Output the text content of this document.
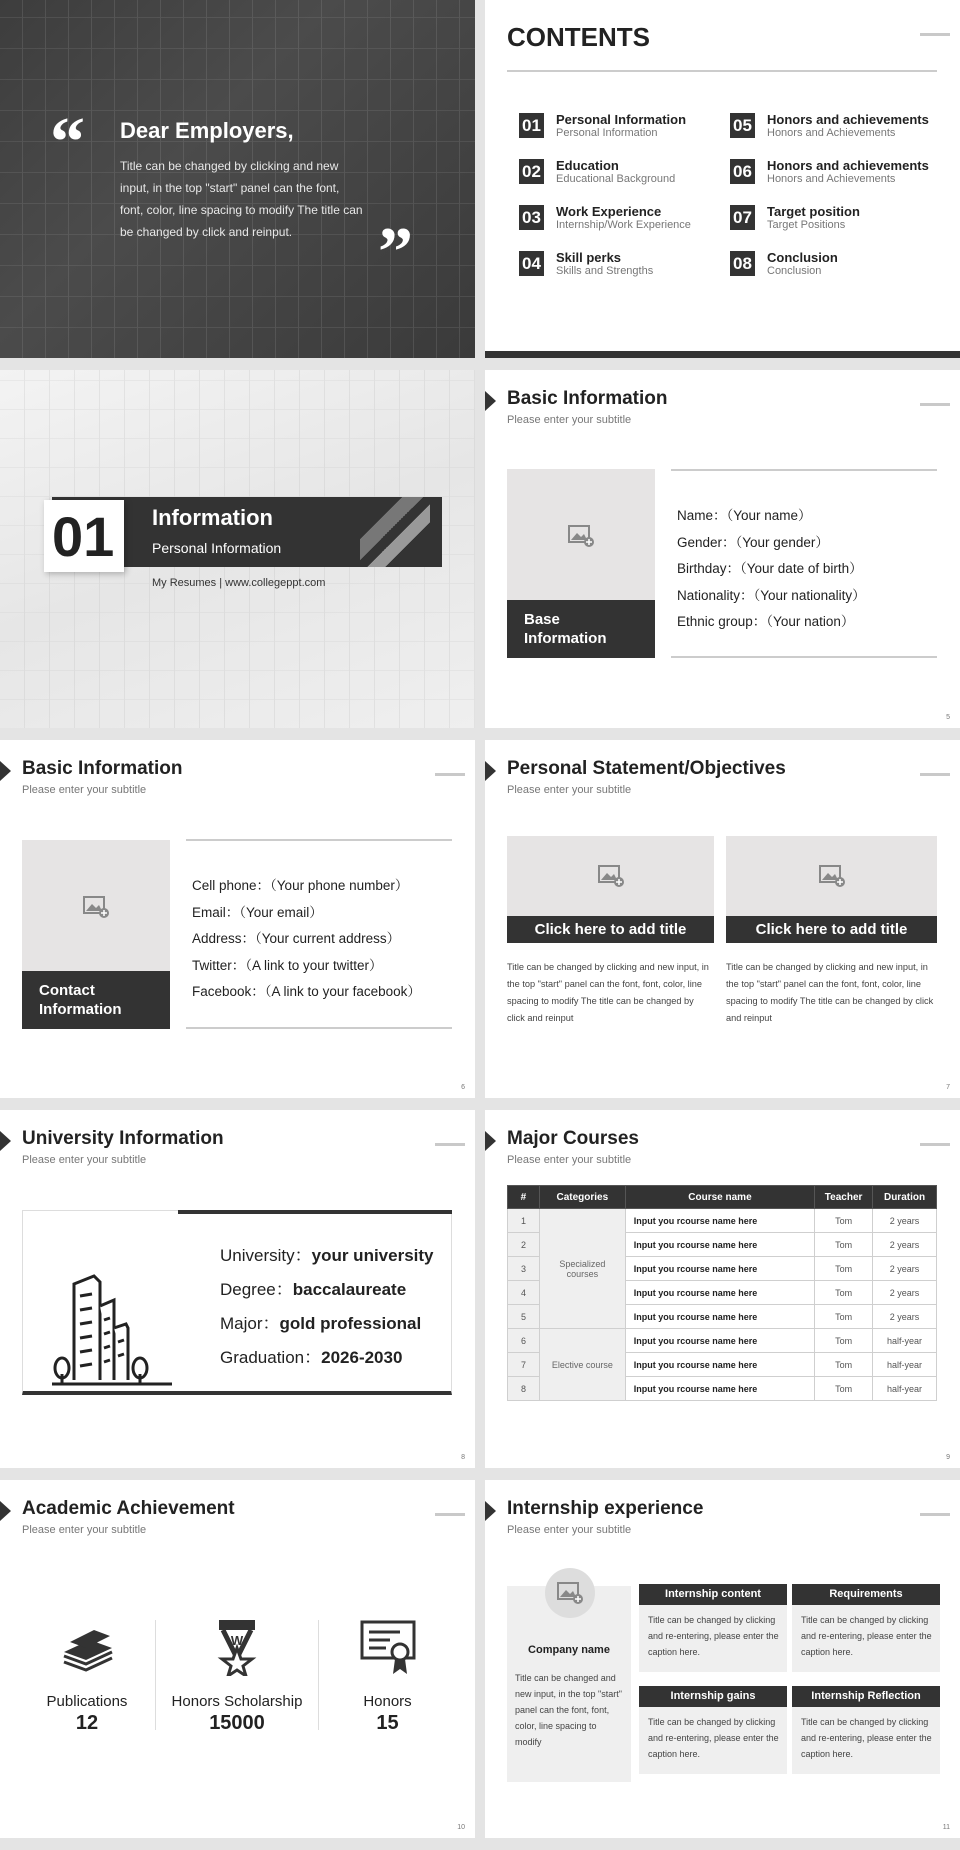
“ Dear Employers,
Title can be changed by clicking and new input, in the top "start" panel can the font, font, color, line spacing to modify The title can be changed by click and reinput.	”
CONTENTS
01 Personal Information
Personal Information
02 Education
Educational Background
03 Work Experience
Internship/Work Experience
04 Skill perks
Skills and Strengths
05 Honors and achievements
Honors and Achievements
06 Honors and achievements
Honors and Achievements
07 Target position
Target Positions
08 Conclusion
Conclusion
01 Information
Personal Information
My Resumes | www.collegeppt.com
Basic Information
Please enter your subtitle
Base Information
Name：（Your name）
Gender：（Your gender）
Birthday：（Your date of birth）
Nationality：（Your nationality）
Ethnic group：（Your nation）
5
Basic Information
Please enter your subtitle
Contact Information
Cell phone：（Your phone number）
Email：（Your email）
Address：（Your current address）
Twitter：（A link to your twitter）
Facebook：（A link to your facebook）
6
Personal Statement/Objectives
Please enter your subtitle
Click here to add title
Title can be changed by clicking and new input, in the top "start" panel can the font, font, color, line spacing to modify The title can be changed by click and reinput
Click here to add title
Title can be changed by clicking and new input, in the top "start" panel can the font, font, color, line spacing to modify The title can be changed by click and reinput
7
University Information
Please enter your subtitle
University：your university
Degree：baccalaureate
Major：gold professional
Graduation：2026-2030
8
Major Courses
Please enter your subtitle
#	Categories	Course name	Teacher	Duration
1	Specialized courses	Input you rcourse name here	Tom	2 years
2		Input you rcourse name here	Tom	2 years
3		Input you rcourse name here	Tom	2 years
4		Input you rcourse name here	Tom	2 years
5		Input you rcourse name here	Tom	2 years
6	Elective course	Input you rcourse name here	Tom	half-year
7		Input you rcourse name here	Tom	half-year
8		Input you rcourse name here	Tom	half-year
9
Academic Achievement
Please enter your subtitle
W
Publications
12
Honors Scholarship
15000
Honors
15
10
Internship experience
Please enter your subtitle
Company name
Title can be changed and new input, in the top "start" panel can the font, font, color, line spacing to modify
Internship content
Title can be changed by clicking and re-entering, please enter the caption here.
Requirements
Title can be changed by clicking and re-entering, please enter the caption here.
Internship gains
Title can be changed by clicking and re-entering, please enter the caption here.
Internship Reflection
Title can be changed by clicking and re-entering, please enter the caption here.
11
